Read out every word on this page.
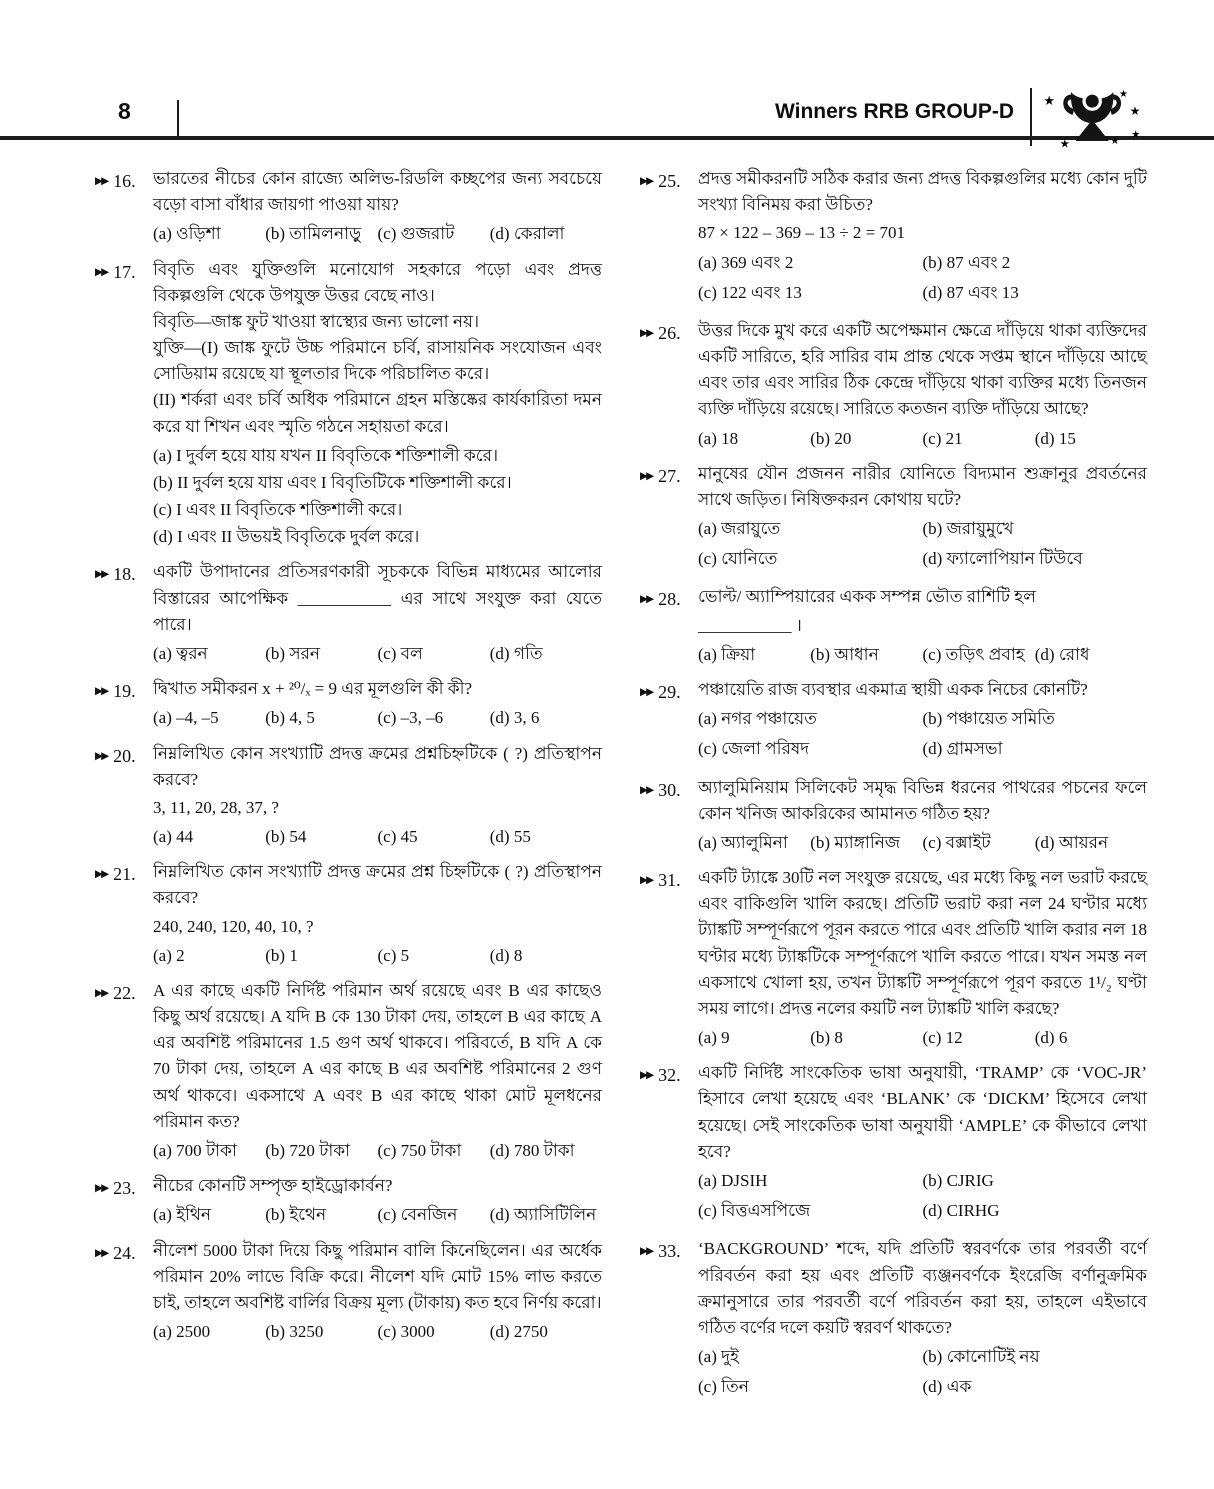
8	Winners RRB GROUP-D ★
★
★
★
★
★
▶▶ 16. ভারতের নীচের কোন রাজ্যে অলিভ-রিডলি কচ্ছপের জন্য সবচেয়ে বড়ো বাসা বাঁধার জায়গা পাওয়া যায়?
(a) ওড়িশা	(b) তামিলনাড়ু (c) গুজরাট	(d) কেরালা
▶▶ 17. বিবৃতি এবং যুক্তিগুলি মনোযোগ সহকারে পড়ো এবং প্রদত্ত বিকল্পগুলি থেকে উপযুক্ত উত্তর বেছে নাও।
বিবৃতি—জাঙ্ক ফুট খাওয়া স্বাস্থ্যের জন্য ভালো নয়।
যুক্তি—(I) জাঙ্ক ফুটে উচ্চ পরিমানে চর্বি, রাসায়নিক সংযোজন এবং সোডিয়াম রয়েছে যা স্থূলতার দিকে পরিচালিত করে।
(II) শর্করা এবং চর্বি অধিক পরিমানে গ্রহন মস্তিষ্কের কার্যকারিতা দমন করে যা শিখন এবং স্মৃতি গঠনে সহায়তা করে।
(a) I দুর্বল হয়ে যায় যখন II বিবৃতিকে শক্তিশালী করে।
(b) II দুর্বল হয়ে যায় এবং I বিবৃতিটিকে শক্তিশালী করে।
(c) I এবং II বিবৃতিকে শক্তিশালী করে।
(d) I এবং II উভয়ই বিবৃতিকে দুর্বল করে।
▶▶ 18. একটি উপাদানের প্রতিসরণকারী সূচককে বিভিন্ন মাধ্যমের আলোর বিস্তারের আপেক্ষিক ___________ এর সাথে সংযুক্ত করা যেতে পারে।
(a) ত্বরন	(b) সরন	(c) বল	(d) গতি
▶▶ 19. দ্বিখাত সমীকরন x + ²⁰/ₓ = 9 এর মূলগুলি কী কী?
(a) –4, –5	(b) 4, 5	(c) –3, –6	(d) 3, 6
▶▶ 20. নিম্নলিখিত কোন সংখ্যাটি প্রদত্ত ক্রমের প্রশ্নচিহ্নটিকে ( ?) প্রতিস্থাপন করবে?
3, 11, 20, 28, 37, ?
(a) 44	(b) 54	(c) 45	(d) 55
▶▶ 21. নিম্নলিখিত কোন সংখ্যাটি প্রদত্ত ক্রমের প্রশ্ন চিহ্নটিকে ( ?) প্রতিস্থাপন করবে?
240, 240, 120, 40, 10, ?
(a) 2	(b) 1	(c) 5	(d) 8
▶▶ 22. A এর কাছে একটি নির্দিষ্ট পরিমান অর্থ রয়েছে এবং B এর কাছেও কিছু অর্থ রয়েছে। A যদি B কে 130 টাকা দেয়, তাহলে B এর কাছে A এর অবশিষ্ট পরিমানের 1.5 গুণ অর্থ থাকবে। পরিবর্তে, B যদি A কে 70 টাকা দেয়, তাহলে A এর কাছে B এর অবশিষ্ট পরিমানের 2 গুণ অর্থ থাকবে। একসাথে A এবং B এর কাছে থাকা মোট মূলধনের পরিমান কত?
(a) 700 টাকা	(b) 720 টাকা	(c) 750 টাকা	(d) 780 টাকা
▶▶ 23. নীচের কোনটি সম্পৃক্ত হাইড্রোকার্বন?
(a) ইথিন	(b) ইথেন	(c) বেনজিন	(d) অ্যাসিটিলিন
▶▶ 24. নীলেশ 5000 টাকা দিয়ে কিছু পরিমান বালি কিনেছিলেন। এর অর্ধেক পরিমান 20% লাভে বিক্রি করে। নীলেশ যদি মোট 15% লাভ করতে চাই, তাহলে অবশিষ্ট বার্লির বিক্রয় মূল্য (টাকায়) কত হবে নির্ণয় করো।
(a) 2500	(b) 3250	(c) 3000	(d) 2750
▶▶ 25. প্রদত্ত সমীকরনটি সঠিক করার জন্য প্রদত্ত বিকল্পগুলির মধ্যে কোন দুটি সংখ্যা বিনিময় করা উচিত?
87 × 122 – 369 – 13 ÷ 2 = 701
(a) 369 এবং 2	(b) 87 এবং 2
(c) 122 এবং 13	(d) 87 এবং 13
▶▶ 26. উত্তর দিকে মুখ করে একটি অপেক্ষমান ক্ষেত্রে দাঁড়িয়ে থাকা ব্যক্তিদের একটি সারিতে, হরি সারির বাম প্রান্ত থেকে সপ্তম স্থানে দাঁড়িয়ে আছে এবং তার এবং সারির ঠিক কেন্দ্রে দাঁড়িয়ে থাকা ব্যক্তির মধ্যে তিনজন ব্যক্তি দাঁড়িয়ে রয়েছে। সারিতে কতজন ব্যক্তি দাঁড়িয়ে আছে?
(a) 18	(b) 20	(c) 21	(d) 15
▶▶ 27. মানুষের যৌন প্রজনন নারীর যোনিতে বিদ্যমান শুক্রানুর প্রবর্তনের সাথে জড়িত। নিষিক্তকরন কোথায় ঘটে?
(a) জরায়ুতে	(b) জরায়ুমুখে
(c) যোনিতে	(d) ফ্যালোপিয়ান টিউবে
▶▶ 28. ভোল্ট/ অ্যাম্পিয়ারের একক সম্পন্ন ভৌত রাশিটি হল
___________ ।
(a) ক্রিয়া	(b) আধান	(c) তড়িৎ প্রবাহ (d) রোধ
▶▶ 29. পঞ্চায়েতি রাজ ব্যবস্থার একমাত্র স্থায়ী একক নিচের কোনটি?
(a) নগর পঞ্চায়েত	(b) পঞ্চায়েত সমিতি
(c) জেলা পরিষদ	(d) গ্রামসভা
▶▶ 30. অ্যালুমিনিয়াম সিলিকেট সমৃদ্ধ বিভিন্ন ধরনের পাথরের পচনের ফলে কোন খনিজ আকরিকের আমানত গঠিত হয়?
(a) অ্যালুমিনা	(b) ম্যাঙ্গানিজ	(c) বক্সাইট	(d) আয়রন
▶▶ 31. একটি ট্যাঙ্কে 30টি নল সংযুক্ত রয়েছে, এর মধ্যে কিছু নল ভরাট করছে এবং বাকিগুলি খালি করছে। প্রতিটি ভরাট করা নল 24 ঘণ্টার মধ্যে ট্যাঙ্কটি সম্পূর্ণরূপে পূরন করতে পারে এবং প্রতিটি খালি করার নল 18 ঘণ্টার মধ্যে ট্যাঙ্কটিকে সম্পূর্ণরূপে খালি করতে পারে। যখন সমস্ত নল একসাথে খোলা হয়, তখন ট্যাঙ্কটি সম্পূর্ণরূপে পূরণ করতে 1¹/₂ ঘণ্টা সময় লাগে। প্রদত্ত নলের কয়টি নল ট্যাঙ্কটি খালি করছে?
(a) 9	(b) 8	(c) 12	(d) 6
▶▶ 32. একটি নির্দিষ্ট সাংকেতিক ভাষা অনুযায়ী, ‘TRAMP’ কে ‘VOC-JR’ হিসাবে লেখা হয়েছে এবং ‘BLANK’ কে ‘DICKM’ হিসেবে লেখা হয়েছে। সেই সাংকেতিক ভাষা অনুযায়ী ‘AMPLE’ কে কীভাবে লেখা হবে?
(a) DJSIH	(b) CJRIG
(c) বিত্তএসপিজে	(d) CIRHG
▶▶ 33. ‘BACKGROUND’ শব্দে, যদি প্রতিটি স্বরবর্ণকে তার পরবর্তী বর্ণে পরিবর্তন করা হয় এবং প্রতিটি ব্যঞ্জনবর্ণকে ইংরেজি বর্ণানুক্রমিক ক্রমানুসারে তার পরবর্তী বর্ণে পরিবর্তন করা হয়, তাহলে এইভাবে গঠিত বর্ণের দলে কয়টি স্বরবর্ণ থাকতে?
(a) দুই	(b) কোনোটিই নয়
(c) তিন	(d) এক
